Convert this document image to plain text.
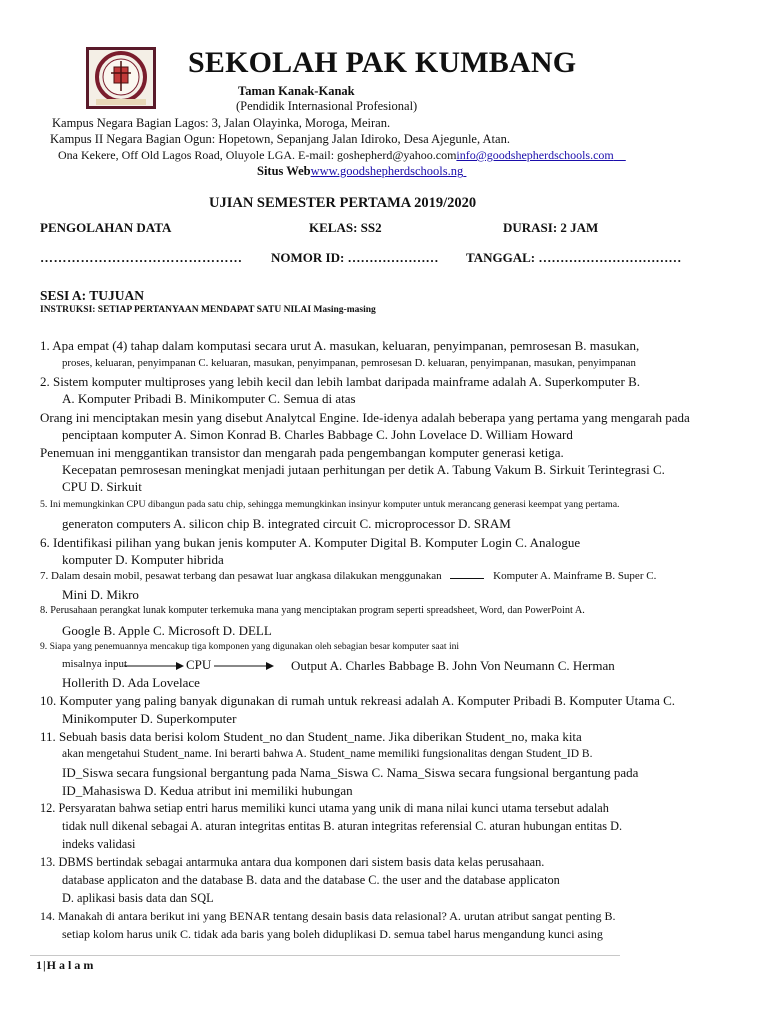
SEKOLAH PAK KUMBANG
Taman Kanak-Kanak
(Pendidik Internasional Profesional)
Kampus Negara Bagian Lagos: 3, Jalan Olayinka, Moroga, Meiran.
Kampus II Negara Bagian Ogun: Hopetown, Sepanjang Jalan Idiroko, Desa Ajegunle, Atan.
Ona Kekere, Off Old Lagos Road, Oluyole LGA. E-mail: goshepherd@yahoo.cominfo@goodshepherdschools.com
Situs Webwww.goodshepherdschools.ng
UJIAN SEMESTER PERTAMA 2019/2020
PENGOLAHAN DATA	KELAS: SS2	DURASI: 2 JAM
……………………………………… NOMOR ID: ………………… TANGGAL: ……………………………
SESI A: TUJUAN
INSTRUKSI: SETIAP PERTANYAAN MENDAPAT SATU NILAI Masing-masing
1. Apa empat (4) tahap dalam komputasi secara urut A. masukan, keluaran, penyimpanan, pemrosesan B. masukan,
proses, keluaran, penyimpanan C. keluaran, masukan, penyimpanan, pemrosesan D. keluaran, penyimpanan, masukan, penyimpanan
2. Sistem komputer multiproses yang lebih kecil dan lebih lambat daripada mainframe adalah A. Superkomputer B.
A. Komputer Pribadi B. Minikomputer C. Semua di atas
Orang ini menciptakan mesin yang disebut Analytcal Engine. Ide-idenya adalah beberapa yang pertama yang mengarah pada
penciptaan komputer A. Simon Konrad B. Charles Babbage C. John Lovelace D. William Howard
Penemuan ini menggantikan transistor dan mengarah pada pengembangan komputer generasi ketiga.
Kecepatan pemrosesan meningkat menjadi jutaan perhitungan per detik A. Tabung Vakum B. Sirkuit Terintegrasi C.
CPU D. Sirkuit
5. Ini memungkinkan CPU dibangun pada satu chip, sehingga memungkinkan insinyur komputer untuk merancang generasi keempat yang pertama.
generaton computers A. silicon chip B. integrated circuit C. microprocessor D. SRAM
6. Identifikasi pilihan yang bukan jenis komputer A. Komputer Digital B. Komputer Login C. Analogue
komputer D. Komputer hibrida
7. Dalam desain mobil, pesawat terbang dan pesawat luar angkasa dilakukan menggunakan	Komputer A. Mainframe B. Super C.
Mini D. Mikro
8. Perusahaan perangkat lunak komputer terkemuka mana yang menciptakan program seperti spreadsheet, Word, dan PowerPoint A.
Google B. Apple C. Microsoft D. DELL
9. Siapa yang penemuannya mencakup tiga komponen yang digunakan oleh sebagian besar komputer saat ini
misalnya input	CPU	Output A. Charles Babbage B. John Von Neumann C. Herman
Hollerith D. Ada Lovelace
10. Komputer yang paling banyak digunakan di rumah untuk rekreasi adalah A. Komputer Pribadi B. Komputer Utama C.
Minikomputer D. Superkomputer
11. Sebuah basis data berisi kolom Student_no dan Student_name. Jika diberikan Student_no, maka kita
akan mengetahui Student_name. Ini berarti bahwa A. Student_name memiliki fungsionalitas dengan Student_ID B.
ID_Siswa secara fungsional bergantung pada Nama_Siswa C. Nama_Siswa secara fungsional bergantung pada
ID_Mahasiswa D. Kedua atribut ini memiliki hubungan
12. Persyaratan bahwa setiap entri harus memiliki kunci utama yang unik di mana nilai kunci utama tersebut adalah
tidak null dikenal sebagai A. aturan integritas entitas B. aturan integritas referensial C. aturan hubungan entitas D.
indeks validasi
13. DBMS bertindak sebagai antarmuka antara dua komponen dari sistem basis data kelas perusahaan.
database applicaton and the database B. data and the database C. the user and the database applicaton
D. aplikasi basis data dan SQL
14. Manakah di antara berikut ini yang BENAR tentang desain basis data relasional? A. urutan atribut sangat penting B.
setiap kolom harus unik C. tidak ada baris yang boleh diduplikasi D. semua tabel harus mengandung kunci asing
1|H a l a m
